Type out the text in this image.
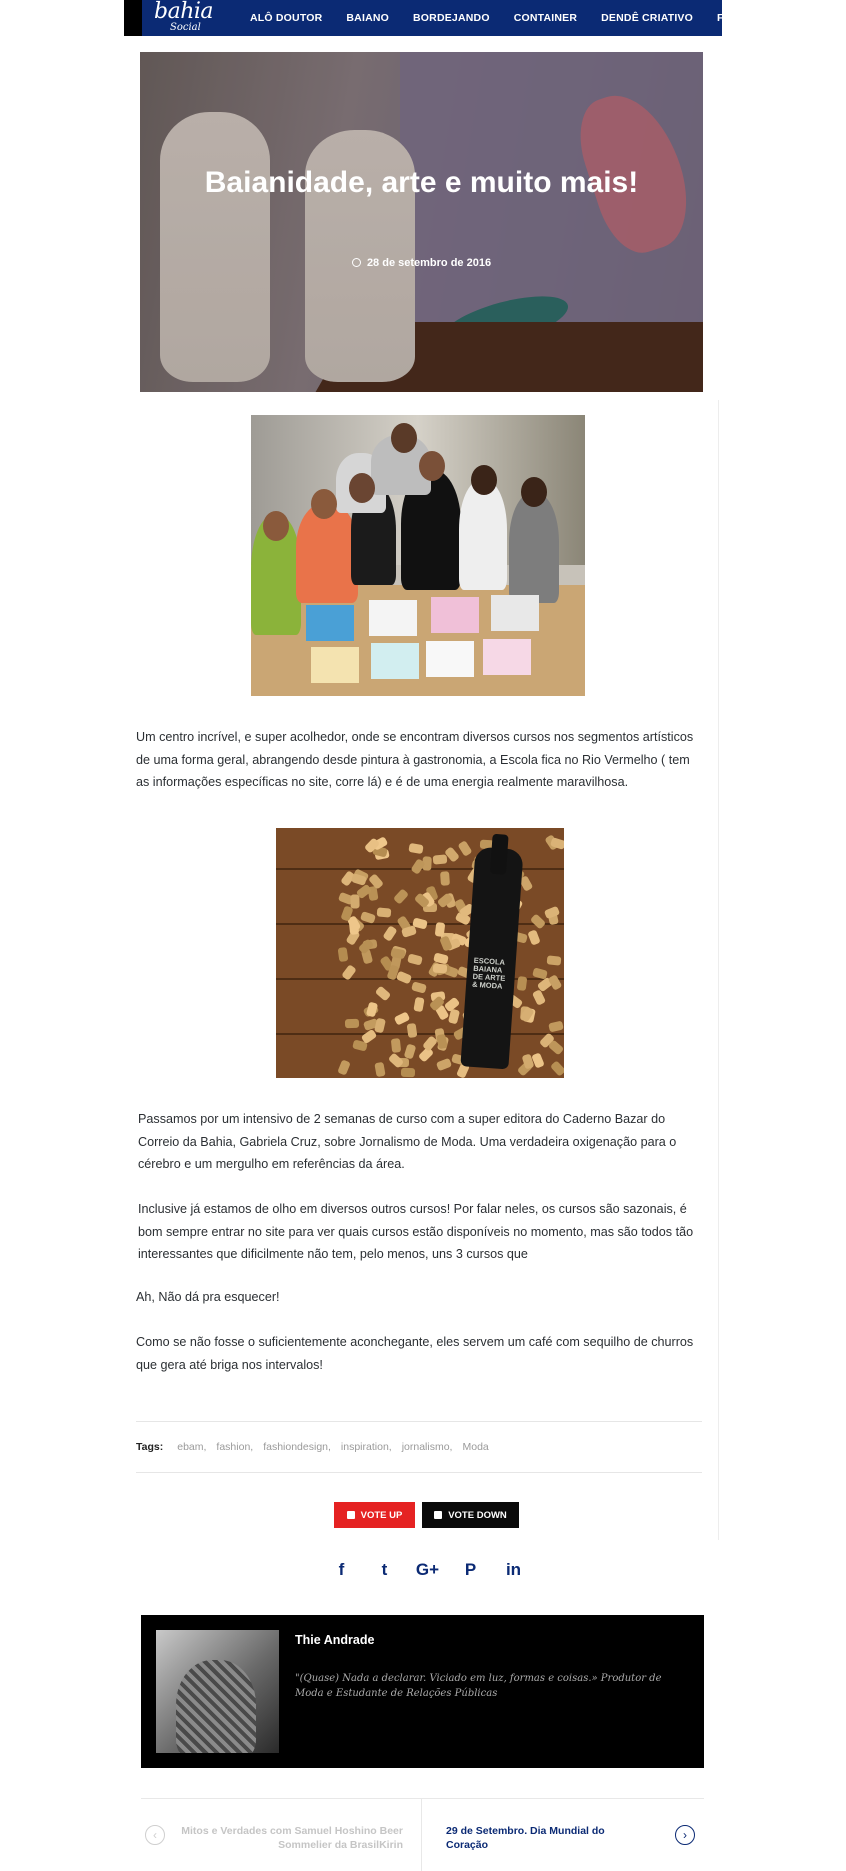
bahia
Social
ALÔ DOUTOR BAIANO BORDEJANDO CONTAINER DENDÊ CRIATIVO FUTEB
Baianidade, arte e muito mais!
28 de setembro de 2016

Um centro incrível, e super acolhedor, onde se encontram diversos cursos nos segmentos artísticos de uma forma geral, abrangendo desde pintura à gastronomia, a Escola fica no Rio Vermelho ( tem as informações específicas no site, corre lá) e é de uma energia realmente maravilhosa.

ESCOLA BAIANA DE ARTE & MODA

Passamos por um intensivo de 2 semanas de curso com a super editora do Caderno Bazar do Correio da Bahia, Gabriela Cruz, sobre Jornalismo de Moda. Uma verdadeira oxigenação para o cérebro e um mergulho em referências da área.

Inclusive já estamos de olho em diversos outros cursos! Por falar neles, os cursos são sazonais, é bom sempre entrar no site para ver quais cursos estão disponíveis no momento, mas são todos tão interessantes que dificilmente não tem, pelo menos, uns 3 cursos que

Ah, Não dá pra esquecer!

Como se não fosse o suficientemente aconchegante, eles servem um café com sequilho de churros que gera até briga nos intervalos!

Tags: ebam, fashion, fashiondesign, inspiration, jornalismo, Moda
VOTE UP	VOTE DOWN
f	t	G+	P	in
Thie Andrade
"(Quase) Nada a declarar. Viciado em luz, formas e coisas.» Produtor de Moda e Estudante de Relações Públicas
‹	Mitos e Verdades com Samuel Hoshino Beer Sommelier da BrasilKirin
29 de Setembro. Dia Mundial do Coração
›
